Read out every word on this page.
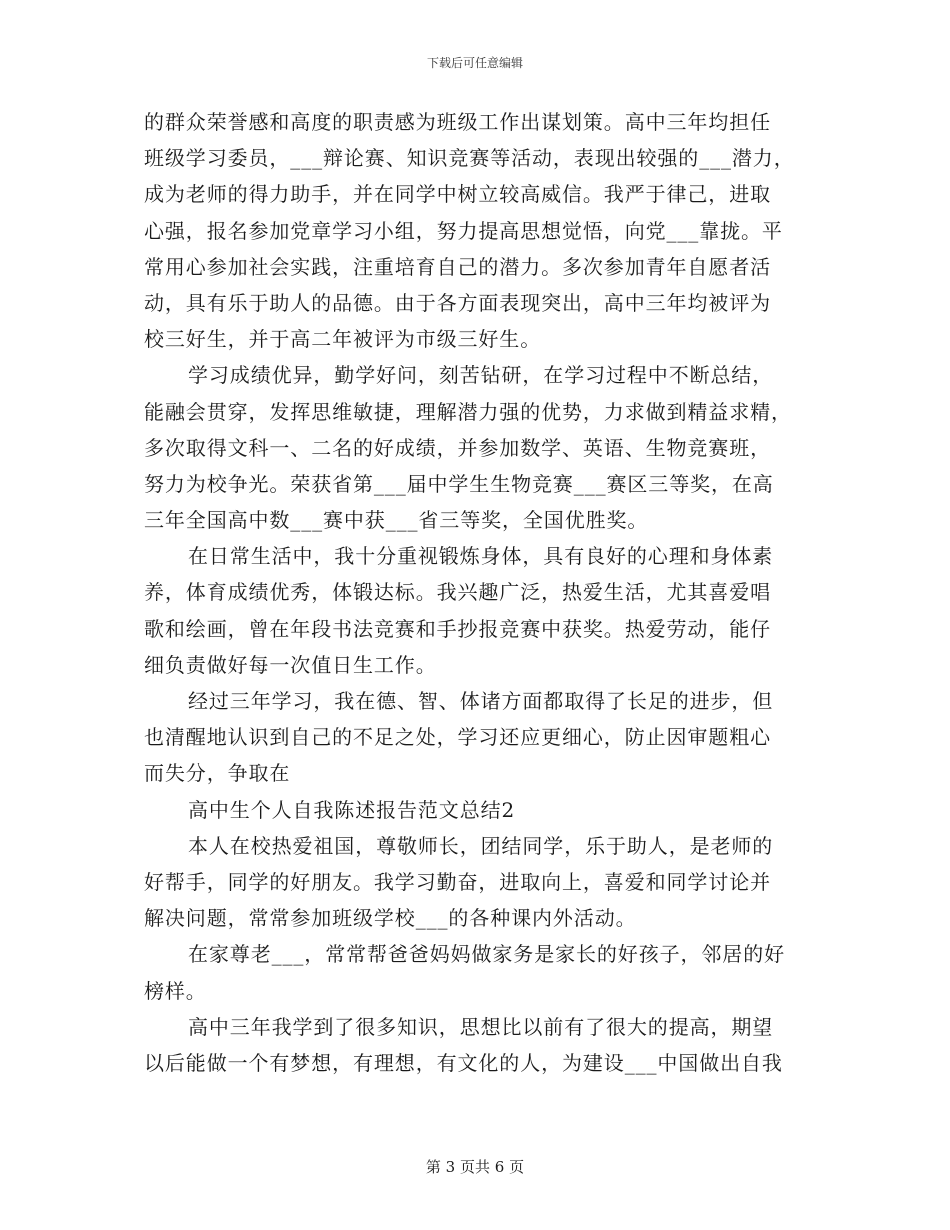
下载后可任意编辑
的群众荣誉感和高度的职责感为班级工作出谋划策。高中三年均担任
班级学习委员，___辩论赛、知识竞赛等活动，表现出较强的___潜力，
成为老师的得力助手，并在同学中树立较高威信。我严于律己，进取
心强，报名参加党章学习小组，努力提高思想觉悟，向党___靠拢。平
常用心参加社会实践，注重培育自己的潜力。多次参加青年自愿者活
动，具有乐于助人的品德。由于各方面表现突出，高中三年均被评为
校三好生，并于高二年被评为市级三好生。
学习成绩优异，勤学好问，刻苦钻研，在学习过程中不断总结，
能融会贯穿，发挥思维敏捷，理解潜力强的优势，力求做到精益求精，
多次取得文科一、二名的好成绩，并参加数学、英语、生物竞赛班，
努力为校争光。荣获省第___届中学生生物竞赛___赛区三等奖，在高
三年全国高中数___赛中获___省三等奖，全国优胜奖。
在日常生活中，我十分重视锻炼身体，具有良好的心理和身体素
养，体育成绩优秀，体锻达标。我兴趣广泛，热爱生活，尤其喜爱唱
歌和绘画，曾在年段书法竞赛和手抄报竞赛中获奖。热爱劳动，能仔
细负责做好每一次值日生工作。
经过三年学习，我在德、智、体诸方面都取得了长足的进步，但
也清醒地认识到自己的不足之处，学习还应更细心，防止因审题粗心
而失分，争取在
高中生个人自我陈述报告范文总结2
本人在校热爱祖国，尊敬师长，团结同学，乐于助人，是老师的
好帮手，同学的好朋友。我学习勤奋，进取向上，喜爱和同学讨论并
解决问题，常常参加班级学校___的各种课内外活动。
在家尊老___，常常帮爸爸妈妈做家务是家长的好孩子，邻居的好
榜样。
高中三年我学到了很多知识，思想比以前有了很大的提高，期望
以后能做一个有梦想，有理想，有文化的人，为建设___中国做出自我
第 3 页共 6 页
